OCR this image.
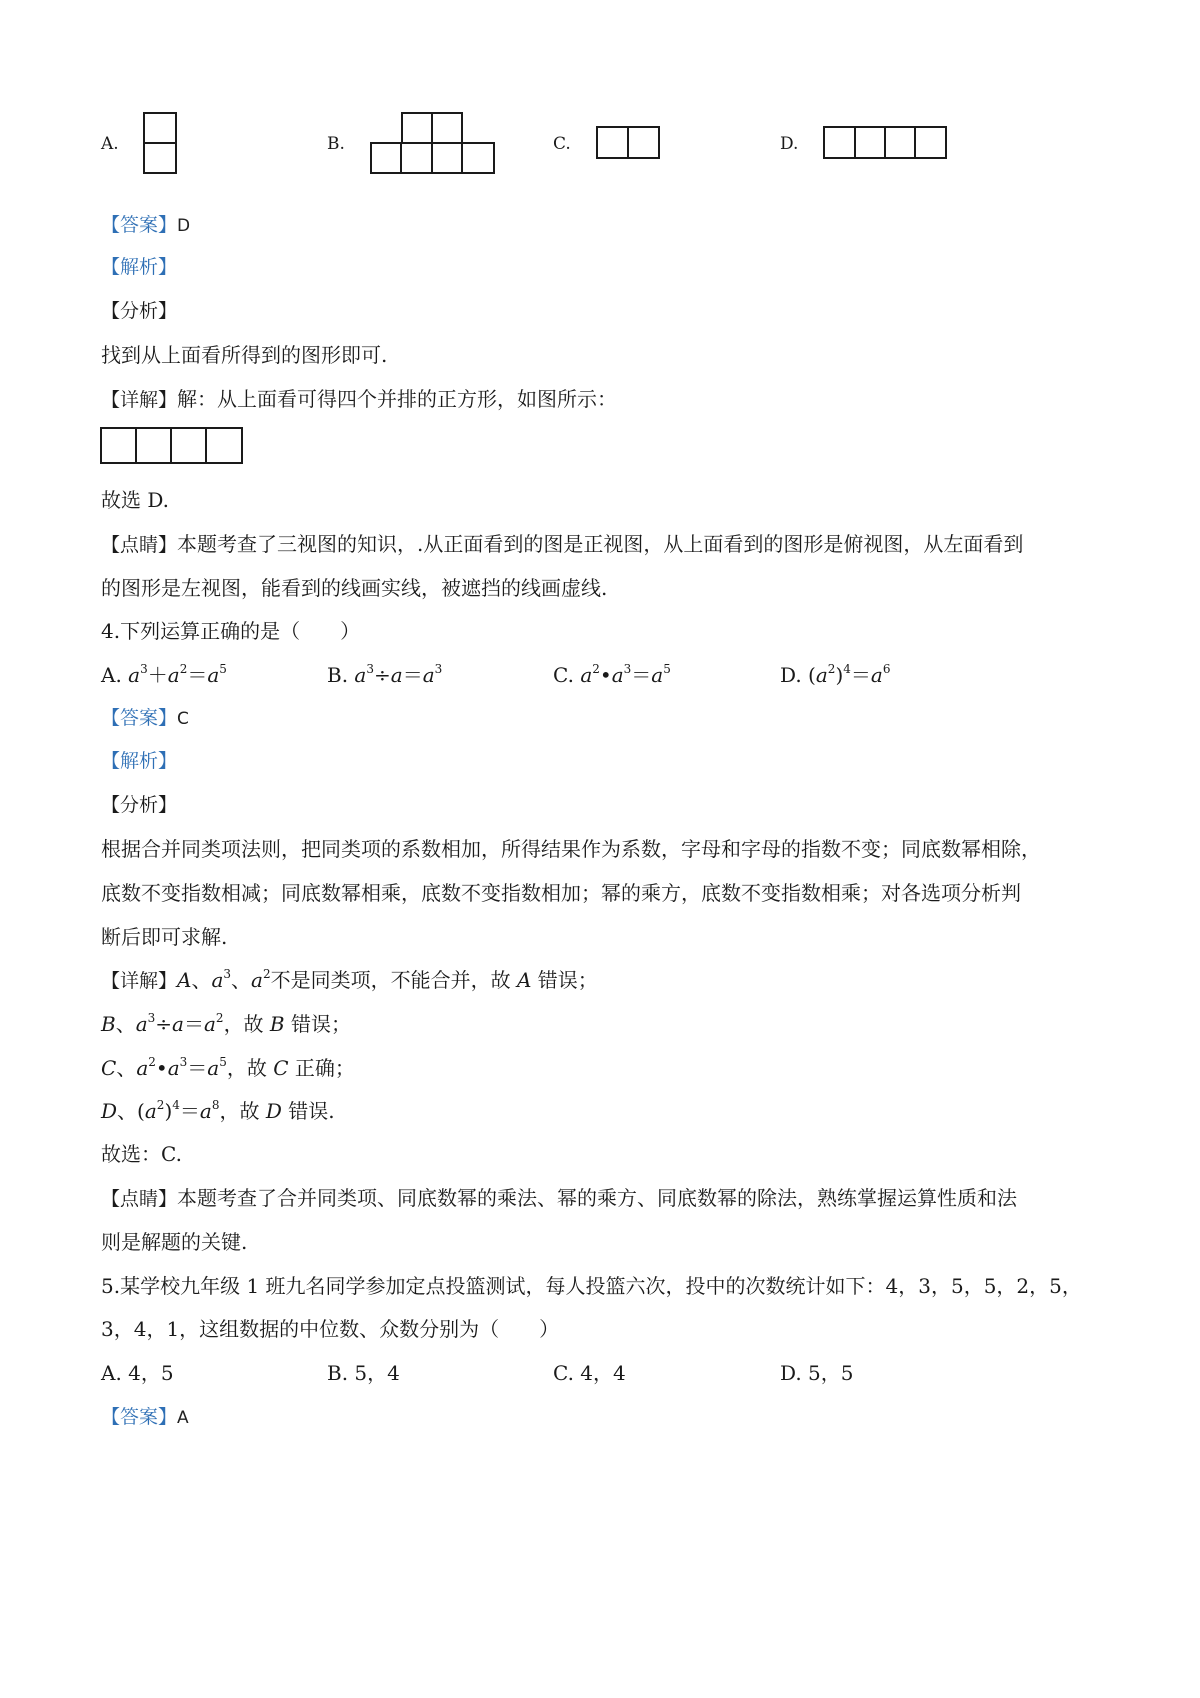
A.	B.	C.	D.
【答案】D
【解析】
【分析】
找到从上面看所得到的图形即可.
【详解】解：从上面看可得四个并排的正方形，如图所示：
故选 D.
【点睛】本题考查了三视图的知识，.从正面看到的图是正视图，从上面看到的图形是俯视图，从左面看到
的图形是左视图，能看到的线画实线，被遮挡的线画虚线.
4.下列运算正确的是（　　）
A. $a^3+a^2=a^5$	B. $a^3\div a=a^3$	C. $a^2•a^3=a^5$	D. $(a^2)^4=a^6$
【答案】C
【解析】
【分析】
根据合并同类项法则，把同类项的系数相加，所得结果作为系数，字母和字母的指数不变；同底数幂相除，
底数不变指数相减；同底数幂相乘，底数不变指数相加；幂的乘方，底数不变指数相乘；对各选项分析判
断后即可求解.
【详解】A、$a^3$、$a^2$不是同类项，不能合并，故 A 错误；
B、$a^3\div a=a^2$，故 B 错误；
C、$a^2•a^3=a^5$，故 C 正确；
D、$(a^2)^4=a^8$，故 D 错误.
故选：C.
【点睛】本题考查了合并同类项、同底数幂的乘法、幂的乘方、同底数幂的除法，熟练掌握运算性质和法
则是解题的关键.
5.某学校九年级 1 班九名同学参加定点投篮测试，每人投篮六次，投中的次数统计如下：4，3，5，5，2，5，
3，4，1，这组数据的中位数、众数分别为（　　）
A. 4，5	B. 5，4	C. 4，4	D. 5，5
【答案】A
